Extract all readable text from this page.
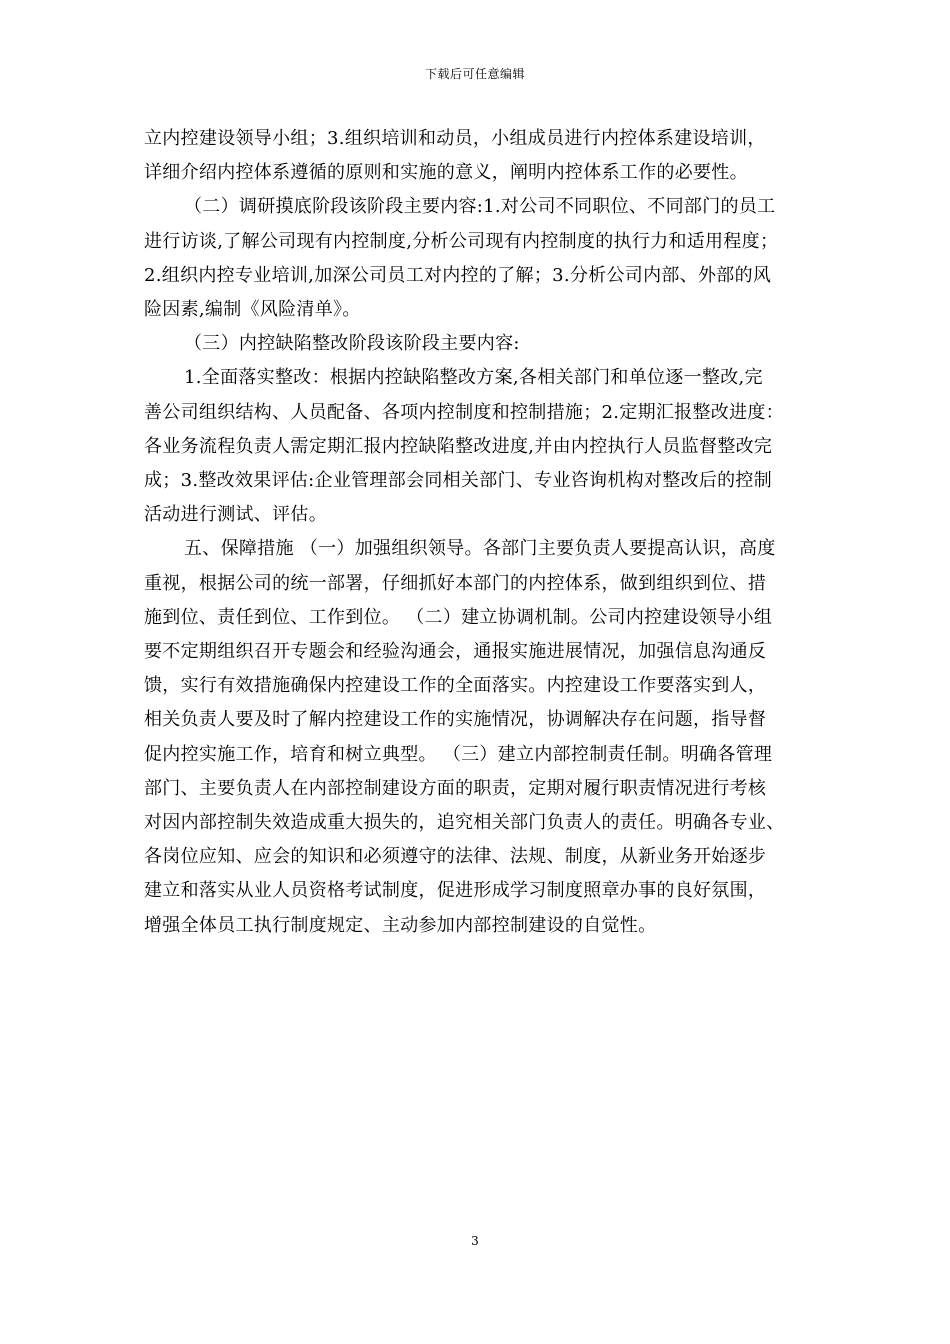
下载后可任意编辑

立内控建设领导小组；3.组织培训和动员，小组成员进行内控体系建设培训，

详细介绍内控体系遵循的原则和实施的意义，阐明内控体系工作的必要性。

（二）调研摸底阶段该阶段主要内容:1.对公司不同职位、不同部门的员工

进行访谈,了解公司现有内控制度,分析公司现有内控制度的执行力和适用程度；

2.组织内控专业培训,加深公司员工对内控的了解；3.分析公司内部、外部的风

险因素,编制《风险清单》。

（三）内控缺陷整改阶段该阶段主要内容:

1.全面落实整改：根据内控缺陷整改方案,各相关部门和单位逐一整改,完

善公司组织结构、人员配备、各项内控制度和控制措施；2.定期汇报整改进度：

各业务流程负责人需定期汇报内控缺陷整改进度,并由内控执行人员监督整改完

成；3.整改效果评估:企业管理部会同相关部门、专业咨询机构对整改后的控制

活动进行测试、评估。

五、保障措施 （一）加强组织领导。各部门主要负责人要提高认识，高度

重视，根据公司的统一部署，仔细抓好本部门的内控体系，做到组织到位、措

施到位、责任到位、工作到位。 （二）建立协调机制。公司内控建设领导小组

要不定期组织召开专题会和经验沟通会，通报实施进展情况，加强信息沟通反

馈，实行有效措施确保内控建设工作的全面落实。内控建设工作要落实到人，

相关负责人要及时了解内控建设工作的实施情况，协调解决存在问题，指导督

促内控实施工作，培育和树立典型。 （三）建立内部控制责任制。明确各管理

部门、主要负责人在内部控制建设方面的职责，定期对履行职责情况进行考核

对因内部控制失效造成重大损失的，追究相关部门负责人的责任。明确各专业、

各岗位应知、应会的知识和必须遵守的法律、法规、制度，从新业务开始逐步

建立和落实从业人员资格考试制度，促进形成学习制度照章办事的良好氛围，

增强全体员工执行制度规定、主动参加内部控制建设的自觉性。

3
